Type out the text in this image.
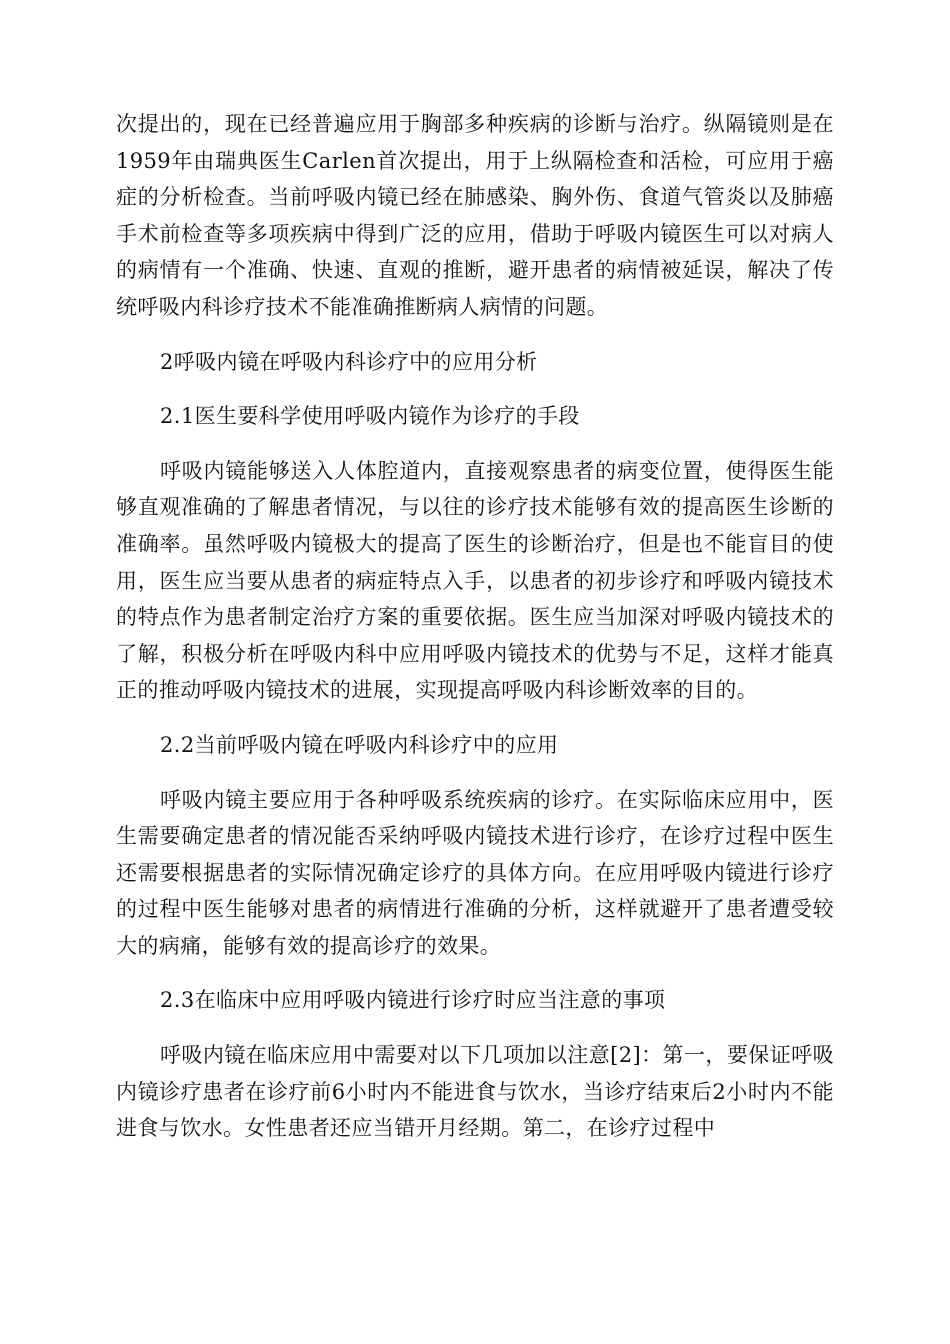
次提出的，现在已经普遍应用于胸部多种疾病的诊断与治疗。纵隔镜则是在1959年由瑞典医生Carlen首次提出，用于上纵隔检查和活检，可应用于癌症的分析检查。当前呼吸内镜已经在肺感染、胸外伤、食道气管炎以及肺癌手术前检查等多项疾病中得到广泛的应用，借助于呼吸内镜医生可以对病人的病情有一个准确、快速、直观的推断，避开患者的病情被延误，解决了传统呼吸内科诊疗技术不能准确推断病人病情的问题。

2呼吸内镜在呼吸内科诊疗中的应用分析

2.1医生要科学使用呼吸内镜作为诊疗的手段

呼吸内镜能够送入人体腔道内，直接观察患者的病变位置，使得医生能够直观准确的了解患者情况，与以往的诊疗技术能够有效的提高医生诊断的准确率。虽然呼吸内镜极大的提高了医生的诊断治疗，但是也不能盲目的使用，医生应当要从患者的病症特点入手，以患者的初步诊疗和呼吸内镜技术的特点作为患者制定治疗方案的重要依据。医生应当加深对呼吸内镜技术的了解，积极分析在呼吸内科中应用呼吸内镜技术的优势与不足，这样才能真正的推动呼吸内镜技术的进展，实现提高呼吸内科诊断效率的目的。

2.2当前呼吸内镜在呼吸内科诊疗中的应用

呼吸内镜主要应用于各种呼吸系统疾病的诊疗。在实际临床应用中，医生需要确定患者的情况能否采纳呼吸内镜技术进行诊疗，在诊疗过程中医生还需要根据患者的实际情况确定诊疗的具体方向。在应用呼吸内镜进行诊疗的过程中医生能够对患者的病情进行准确的分析，这样就避开了患者遭受较大的病痛，能够有效的提高诊疗的效果。

2.3在临床中应用呼吸内镜进行诊疗时应当注意的事项

呼吸内镜在临床应用中需要对以下几项加以注意[2]：第一，要保证呼吸内镜诊疗患者在诊疗前6小时内不能进食与饮水，当诊疗结束后2小时内不能进食与饮水。女性患者还应当错开月经期。第二，在诊疗过程中
